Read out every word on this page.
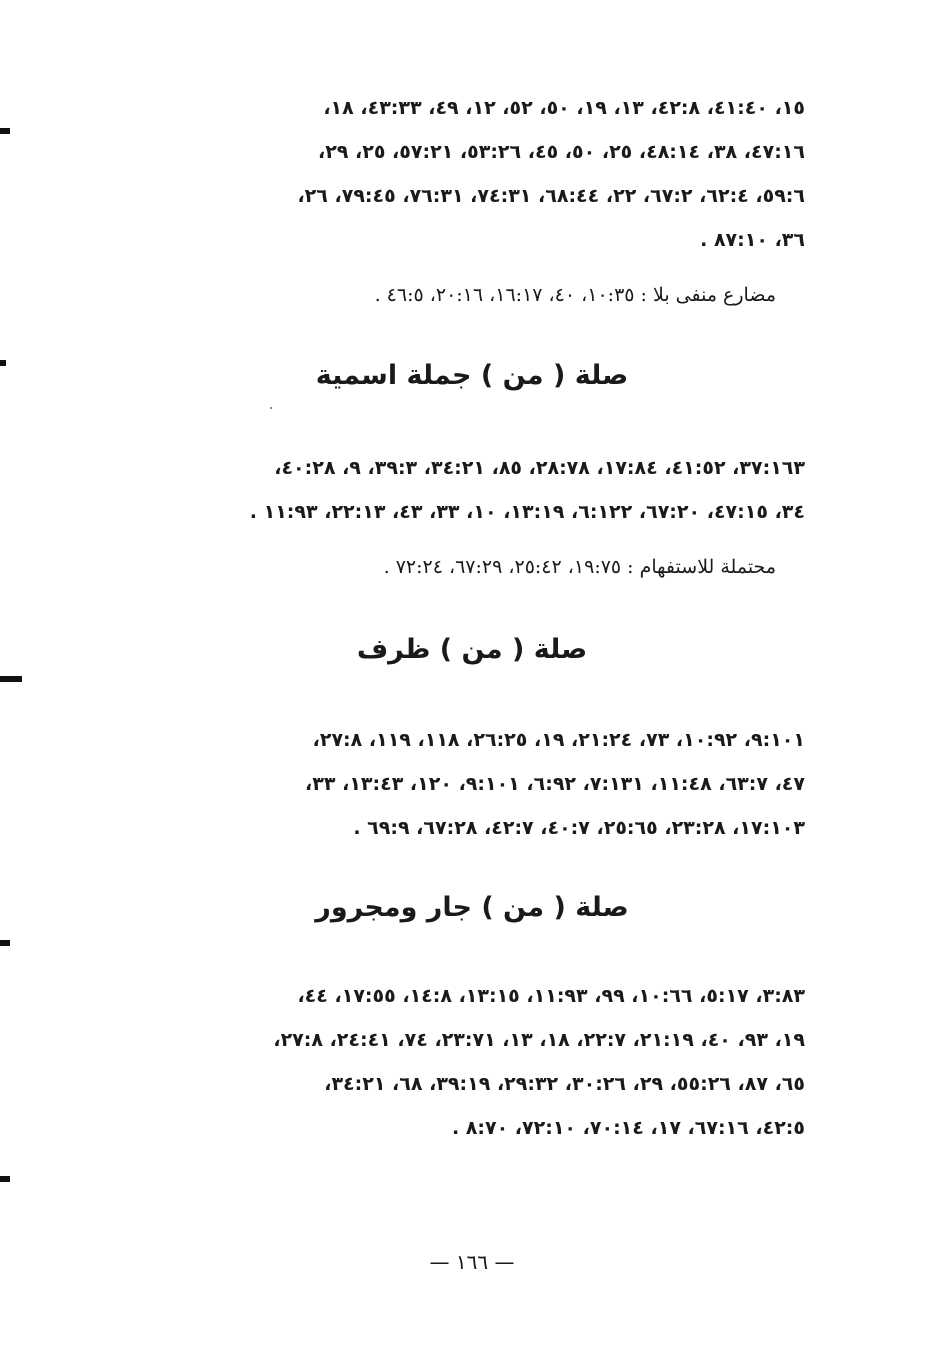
١٥، ٤١:٤٠، ٤٢:٨، ١٣، ١٩، ٥٠، ٥٢، ١٢، ٤٩، ٤٣:٣٣، ١٨،
٤٧:١٦، ٣٨، ٤٨:١٤، ٢٥، ٥٠، ٤٥، ٥٣:٢٦، ٥٧:٢١، ٢٥، ٢٩،
٥٩:٦، ٦٢:٤، ٦٧:٢، ٢٢، ٦٨:٤٤، ٧٤:٣١، ٧٦:٣١، ٧٩:٤٥، ٢٦،
٣٦، ٨٧:١٠ .
مضارع منفى بلا : ١٠:٣٥، ٤٠، ١٦:١٧، ٢٠:١٦، ٤٦:٥ .
صلة ( من ) جملة اسمية
٣٧:١٦٣، ٤١:٥٢، ١٧:٨٤، ٢٨:٧٨، ٨٥، ٣٤:٢١، ٣٩:٣، ٩، ٤٠:٢٨،
٣٤، ٤٧:١٥، ٦٧:٢٠، ٦:١٢٢، ١٣:١٩، ١٠، ٣٣، ٤٣، ٢٢:١٣، ١١:٩٣ .
محتملة للاستفهام : ١٩:٧٥، ٢٥:٤٢، ٦٧:٢٩، ٧٢:٢٤ .
صلة ( من ) ظرف
٩:١٠١، ١٠:٩٢، ٧٣، ٢١:٢٤، ١٩، ٢٦:٢٥، ١١٨، ١١٩، ٢٧:٨،
٤٧، ٦٣:٧، ١١:٤٨، ٧:١٣١، ٦:٩٢، ٩:١٠١، ١٢٠، ١٣:٤٣، ٣٣،
١٧:١٠٣، ٢٣:٢٨، ٢٥:٦٥، ٤٠:٧، ٤٢:٧، ٦٧:٢٨، ٦٩:٩ .
صلة ( من ) جار ومجرور
٣:٨٣، ٥:١٧، ١٠:٦٦، ٩٩، ١١:٩٣، ١٣:١٥، ١٤:٨، ١٧:٥٥، ٤٤،
١٩، ٩٣، ٤٠، ٢١:١٩، ٢٢:٧، ١٨، ١٣، ٢٣:٧١، ٧٤، ٢٤:٤١، ٢٧:٨،
٦٥، ٨٧، ٥٥:٢٦، ٢٩، ٣٠:٢٦، ٢٩:٣٢، ٣٩:١٩، ٦٨، ٣٤:٢١،
٤٢:٥، ٦٧:١٦، ١٧، ٧٠:١٤، ٧٢:١٠، ٨:٧٠ .
— ١٦٦ —
